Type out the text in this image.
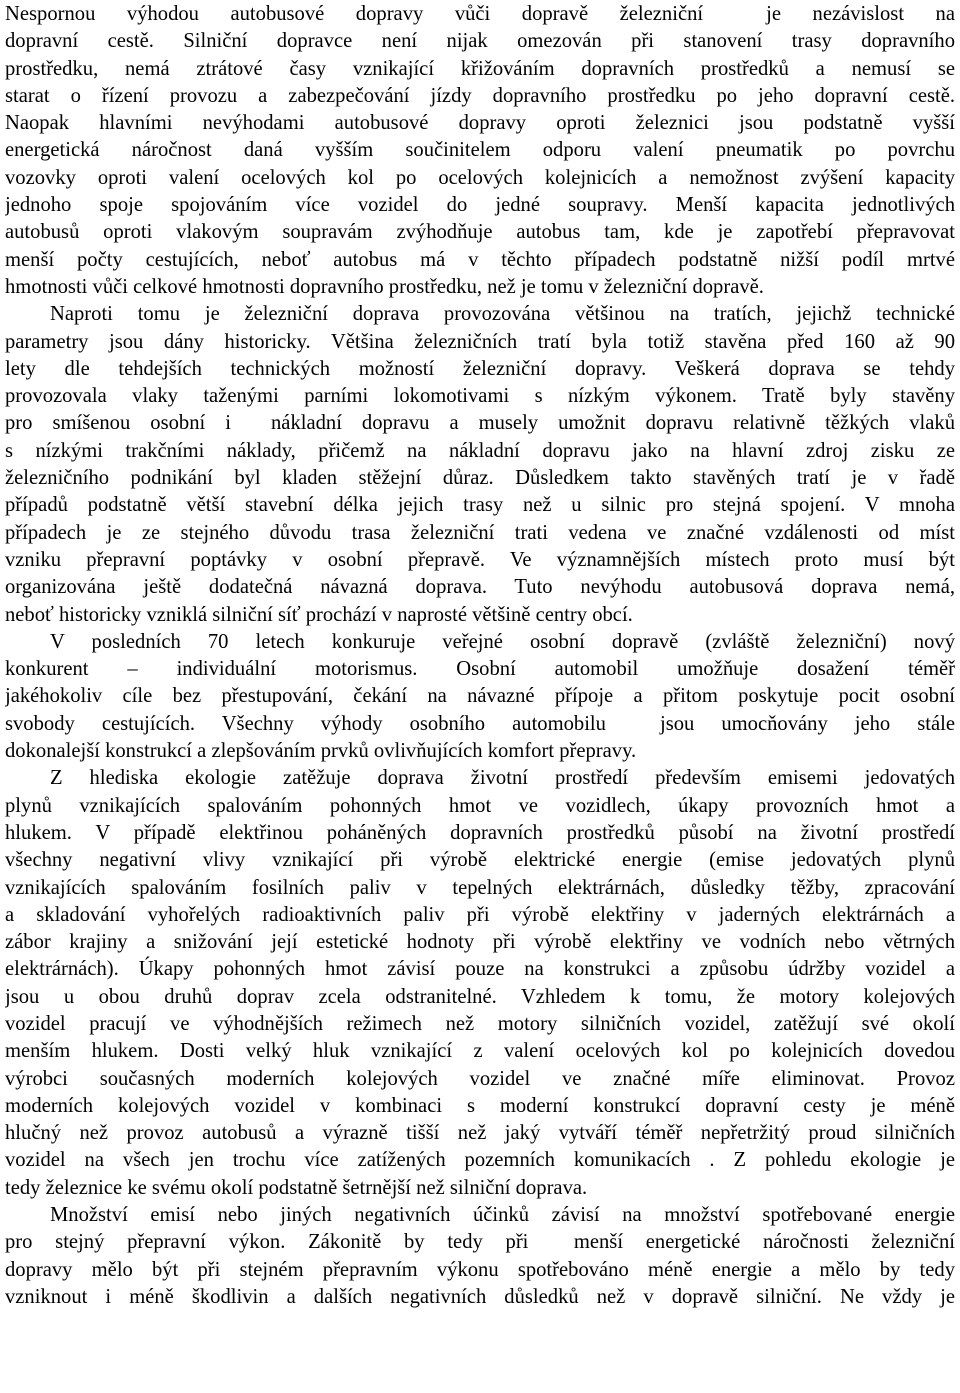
Nespornou výhodou autobusové dopravy vůči dopravě železniční  je nezávislost na
dopravní cestě. Silniční dopravce není nijak omezován při stanovení trasy dopravního
prostředku, nemá ztrátové časy vznikající křižováním dopravních prostředků a nemusí se
starat o řízení provozu a zabezpečování jízdy dopravního prostředku po jeho dopravní cestě.
Naopak hlavními nevýhodami autobusové dopravy oproti železnici jsou podstatně vyšší
energetická náročnost daná vyšším součinitelem odporu valení pneumatik po povrchu
vozovky oproti valení ocelových kol po ocelových kolejnicích a nemožnost zvýšení kapacity
jednoho spoje spojováním více vozidel do jedné soupravy. Menší kapacita jednotlivých
autobusů oproti vlakovým soupravám zvýhodňuje autobus tam, kde je zapotřebí přepravovat
menší počty cestujících, neboť autobus má v těchto případech podstatně nižší podíl mrtvé
hmotnosti vůči celkové hmotnosti dopravního prostředku, než je tomu v železniční dopravě.
Naproti tomu je železniční doprava provozována většinou na tratích, jejichž technické
parametry jsou dány historicky. Většina železničních tratí byla totiž stavěna před 160 až 90
lety dle tehdejších technických možností železniční dopravy. Veškerá doprava se tehdy
provozovala vlaky taženými parními lokomotivami s nízkým výkonem. Tratě byly stavěny
pro smíšenou osobní i  nákladní dopravu a musely umožnit dopravu relativně těžkých vlaků
s nízkými trakčními náklady, přičemž na nákladní dopravu jako na hlavní zdroj zisku ze
železničního podnikání byl kladen stěžejní důraz. Důsledkem takto stavěných tratí je v řadě
případů podstatně větší stavební délka jejich trasy než u silnic pro stejná spojení. V mnoha
případech je ze stejného důvodu trasa železniční trati vedena ve značné vzdálenosti od míst
vzniku přepravní poptávky v osobní přepravě. Ve významnějších místech proto musí být
organizována ještě dodatečná návazná doprava. Tuto nevýhodu autobusová doprava nemá,
neboť historicky vzniklá silniční síť prochází v naprosté většině centry obcí.
V posledních 70 letech konkuruje veřejné osobní dopravě (zvláště železniční) nový
konkurent – individuální motorismus. Osobní automobil umožňuje dosažení téměř
jakéhokoliv cíle bez přestupování, čekání na návazné přípoje a přitom poskytuje pocit osobní
svobody cestujících. Všechny výhody osobního automobilu  jsou umocňovány jeho stále
dokonalejší konstrukcí a zlepšováním prvků ovlivňujících komfort přepravy.
Z hlediska ekologie zatěžuje doprava životní prostředí především emisemi jedovatých
plynů vznikajících spalováním pohonných hmot ve vozidlech, úkapy provozních hmot a
hlukem. V případě elektřinou poháněných dopravních prostředků působí na životní prostředí
všechny negativní vlivy vznikající při výrobě elektrické energie (emise jedovatých plynů
vznikajících spalováním fosilních paliv v tepelných elektrárnách, důsledky těžby, zpracování
a skladování vyhořelých radioaktivních paliv při výrobě elektřiny v jaderných elektrárnách a
zábor krajiny a snižování její estetické hodnoty při výrobě elektřiny ve vodních nebo větrných
elektrárnách). Úkapy pohonných hmot závisí pouze na konstrukci a způsobu údržby vozidel a
jsou u obou druhů doprav zcela odstranitelné. Vzhledem k tomu, že motory kolejových
vozidel pracují ve výhodnějších režimech než motory silničních vozidel, zatěžují své okolí
menším hlukem. Dosti velký hluk vznikající z valení ocelových kol po kolejnicích dovedou
výrobci současných moderních kolejových vozidel ve značné míře eliminovat. Provoz
moderních kolejových vozidel v kombinaci s moderní konstrukcí dopravní cesty je méně
hlučný než provoz autobusů a výrazně tišší než jaký vytváří téměř nepřetržitý proud silničních
vozidel na všech jen trochu více zatížených pozemních komunikacích . Z pohledu ekologie je
tedy železnice ke svému okolí podstatně šetrnější než silniční doprava.
Množství emisí nebo jiných negativních účinků závisí na množství spotřebované energie
pro stejný přepravní výkon. Zákonitě by tedy při  menší energetické náročnosti železniční
dopravy mělo být při stejném přepravním výkonu spotřebováno méně energie a mělo by tedy
vzniknout i méně škodlivin a dalších negativních důsledků než v dopravě silniční. Ne vždy je
